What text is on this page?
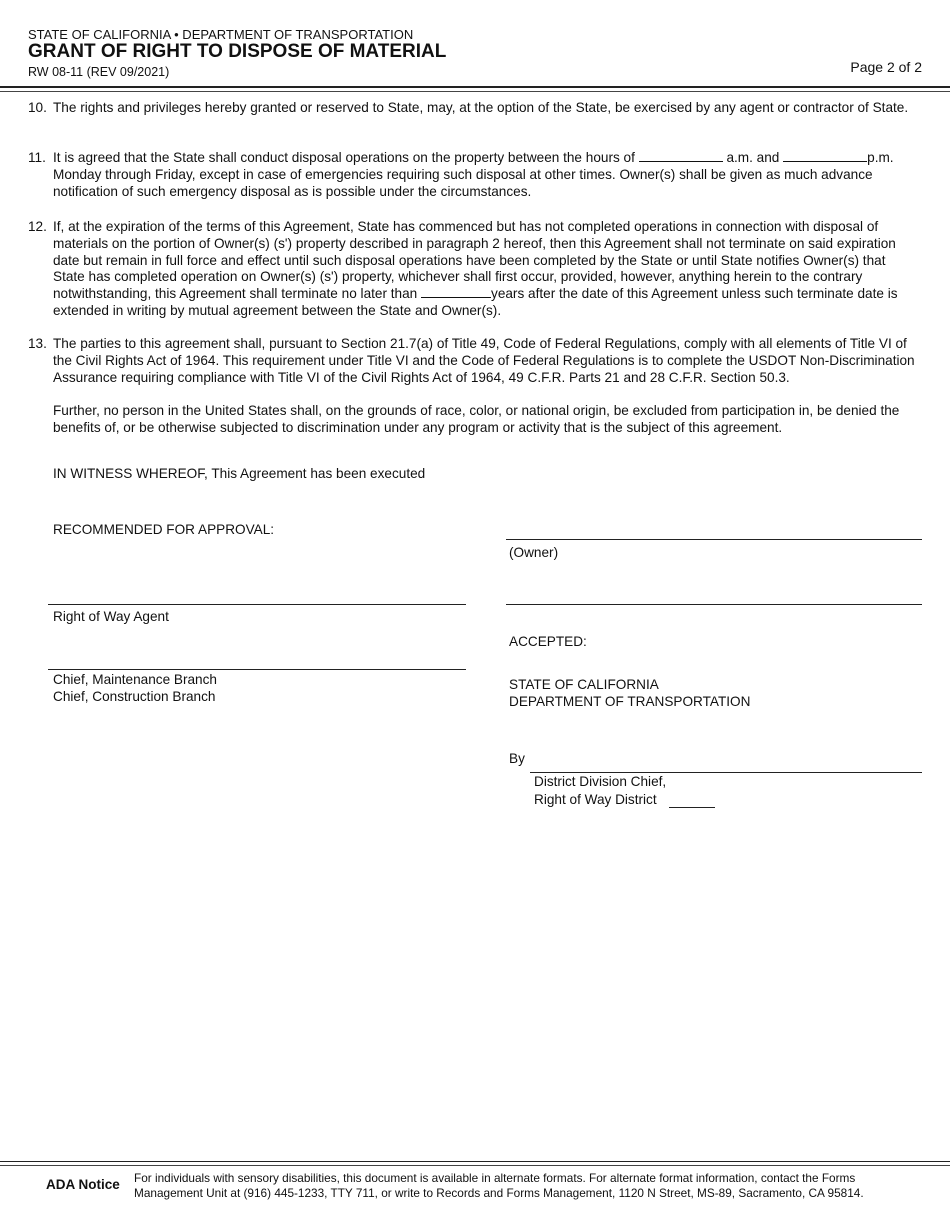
STATE OF CALIFORNIA • DEPARTMENT OF TRANSPORTATION
GRANT OF RIGHT TO DISPOSE OF MATERIAL
RW 08-11 (REV 09/2021)	Page 2 of 2
10. The rights and privileges hereby granted or reserved to State, may, at the option of the State, be exercised by any agent or contractor of State.
11. It is agreed that the State shall conduct disposal operations on the property between the hours of	a.m. and	p.m. Monday through Friday, except in case of emergencies requiring such disposal at other times. Owner(s) shall be given as much advance notification of such emergency disposal as is possible under the circumstances.
12. If, at the expiration of the terms of this Agreement, State has commenced but has not completed operations in connection with disposal of materials on the portion of Owner(s) (s') property described in paragraph 2 hereof, then this Agreement shall not terminate on said expiration date but remain in full force and effect until such disposal operations have been completed by the State or until State notifies Owner(s) that State has completed operation on Owner(s) (s') property, whichever shall first occur, provided, however, anything herein to the contrary notwithstanding, this Agreement shall terminate no later than	years after the date of this Agreement unless such terminate date is extended in writing by mutual agreement between the State and Owner(s).
13. The parties to this agreement shall, pursuant to Section 21.7(a) of Title 49, Code of Federal Regulations, comply with all elements of Title VI of the Civil Rights Act of 1964. This requirement under Title VI and the Code of Federal Regulations is to complete the USDOT Non-Discrimination Assurance requiring compliance with Title VI of the Civil Rights Act of 1964, 49 C.F.R. Parts 21 and 28 C.F.R. Section 50.3.
Further, no person in the United States shall, on the grounds of race, color, or national origin, be excluded from participation in, be denied the benefits of, or be otherwise subjected to discrimination under any program or activity that is the subject of this agreement.
IN WITNESS WHEREOF, This Agreement has been executed
RECOMMENDED FOR APPROVAL:
(Owner)
Right of Way Agent
ACCEPTED:
Chief, Maintenance Branch
Chief, Construction Branch
STATE OF CALIFORNIA
DEPARTMENT OF TRANSPORTATION
By
District Division Chief,
Right of Way District
ADA Notice For individuals with sensory disabilities, this document is available in alternate formats. For alternate format information, contact the Forms Management Unit at (916) 445-1233, TTY 711, or write to Records and Forms Management, 1120 N Street, MS-89, Sacramento, CA 95814.
